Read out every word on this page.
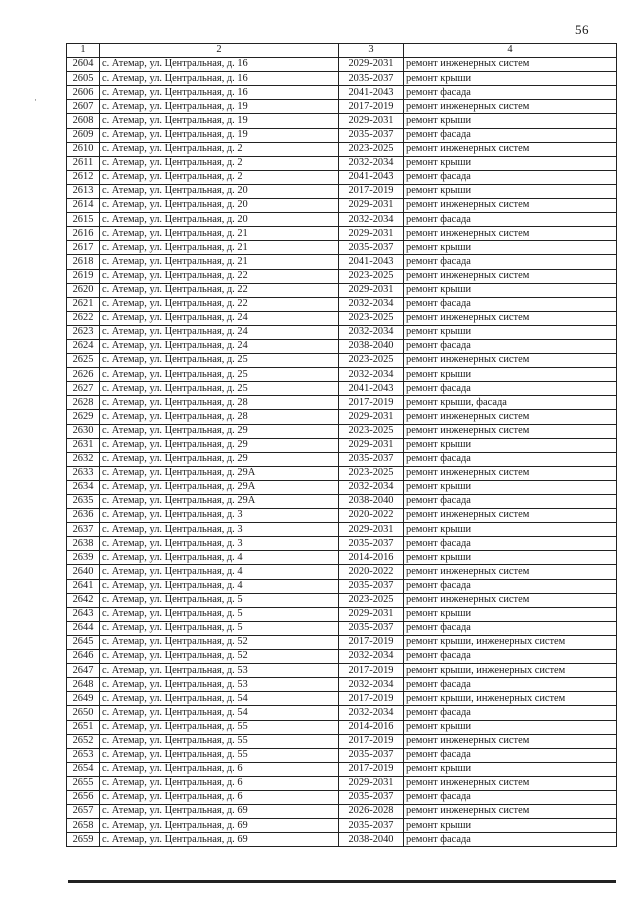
56
·
1	2	3	4
2604	с. Атемар, ул. Центральная, д. 16	2029-2031	ремонт инженерных систем
2605	с. Атемар, ул. Центральная, д. 16	2035-2037	ремонт крыши
2606	с. Атемар, ул. Центральная, д. 16	2041-2043	ремонт фасада
2607	с. Атемар, ул. Центральная, д. 19	2017-2019	ремонт инженерных систем
2608	с. Атемар, ул. Центральная, д. 19	2029-2031	ремонт крыши
2609	с. Атемар, ул. Центральная, д. 19	2035-2037	ремонт фасада
2610	с. Атемар, ул. Центральная, д. 2	2023-2025	ремонт инженерных систем
2611	с. Атемар, ул. Центральная, д. 2	2032-2034	ремонт крыши
2612	с. Атемар, ул. Центральная, д. 2	2041-2043	ремонт фасада
2613	с. Атемар, ул. Центральная, д. 20	2017-2019	ремонт крыши
2614	с. Атемар, ул. Центральная, д. 20	2029-2031	ремонт инженерных систем
2615	с. Атемар, ул. Центральная, д. 20	2032-2034	ремонт фасада
2616	с. Атемар, ул. Центральная, д. 21	2029-2031	ремонт инженерных систем
2617	с. Атемар, ул. Центральная, д. 21	2035-2037	ремонт крыши
2618	с. Атемар, ул. Центральная, д. 21	2041-2043	ремонт фасада
2619	с. Атемар, ул. Центральная, д. 22	2023-2025	ремонт инженерных систем
2620	с. Атемар, ул. Центральная, д. 22	2029-2031	ремонт крыши
2621	с. Атемар, ул. Центральная, д. 22	2032-2034	ремонт фасада
2622	с. Атемар, ул. Центральная, д. 24	2023-2025	ремонт инженерных систем
2623	с. Атемар, ул. Центральная, д. 24	2032-2034	ремонт крыши
2624	с. Атемар, ул. Центральная, д. 24	2038-2040	ремонт фасада
2625	с. Атемар, ул. Центральная, д. 25	2023-2025	ремонт инженерных систем
2626	с. Атемар, ул. Центральная, д. 25	2032-2034	ремонт крыши
2627	с. Атемар, ул. Центральная, д. 25	2041-2043	ремонт фасада
2628	с. Атемар, ул. Центральная, д. 28	2017-2019	ремонт крыши, фасада
2629	с. Атемар, ул. Центральная, д. 28	2029-2031	ремонт инженерных систем
2630	с. Атемар, ул. Центральная, д. 29	2023-2025	ремонт инженерных систем
2631	с. Атемар, ул. Центральная, д. 29	2029-2031	ремонт крыши
2632	с. Атемар, ул. Центральная, д. 29	2035-2037	ремонт фасада
2633	с. Атемар, ул. Центральная, д. 29А	2023-2025	ремонт инженерных систем
2634	с. Атемар, ул. Центральная, д. 29А	2032-2034	ремонт крыши
2635	с. Атемар, ул. Центральная, д. 29А	2038-2040	ремонт фасада
2636	с. Атемар, ул. Центральная, д. 3	2020-2022	ремонт инженерных систем
2637	с. Атемар, ул. Центральная, д. 3	2029-2031	ремонт крыши
2638	с. Атемар, ул. Центральная, д. 3	2035-2037	ремонт фасада
2639	с. Атемар, ул. Центральная, д. 4	2014-2016	ремонт крыши
2640	с. Атемар, ул. Центральная, д. 4	2020-2022	ремонт инженерных систем
2641	с. Атемар, ул. Центральная, д. 4	2035-2037	ремонт фасада
2642	с. Атемар, ул. Центральная, д. 5	2023-2025	ремонт инженерных систем
2643	с. Атемар, ул. Центральная, д. 5	2029-2031	ремонт крыши
2644	с. Атемар, ул. Центральная, д. 5	2035-2037	ремонт фасада
2645	с. Атемар, ул. Центральная, д. 52	2017-2019	ремонт крыши, инженерных систем
2646	с. Атемар, ул. Центральная, д. 52	2032-2034	ремонт фасада
2647	с. Атемар, ул. Центральная, д. 53	2017-2019	ремонт крыши, инженерных систем
2648	с. Атемар, ул. Центральная, д. 53	2032-2034	ремонт фасада
2649	с. Атемар, ул. Центральная, д. 54	2017-2019	ремонт крыши, инженерных систем
2650	с. Атемар, ул. Центральная, д. 54	2032-2034	ремонт фасада
2651	с. Атемар, ул. Центральная, д. 55	2014-2016	ремонт крыши
2652	с. Атемар, ул. Центральная, д. 55	2017-2019	ремонт инженерных систем
2653	с. Атемар, ул. Центральная, д. 55	2035-2037	ремонт фасада
2654	с. Атемар, ул. Центральная, д. 6	2017-2019	ремонт крыши
2655	с. Атемар, ул. Центральная, д. 6	2029-2031	ремонт инженерных систем
2656	с. Атемар, ул. Центральная, д. 6	2035-2037	ремонт фасада
2657	с. Атемар, ул. Центральная, д. 69	2026-2028	ремонт инженерных систем
2658	с. Атемар, ул. Центральная, д. 69	2035-2037	ремонт крыши
2659	с. Атемар, ул. Центральная, д. 69	2038-2040	ремонт фасада
